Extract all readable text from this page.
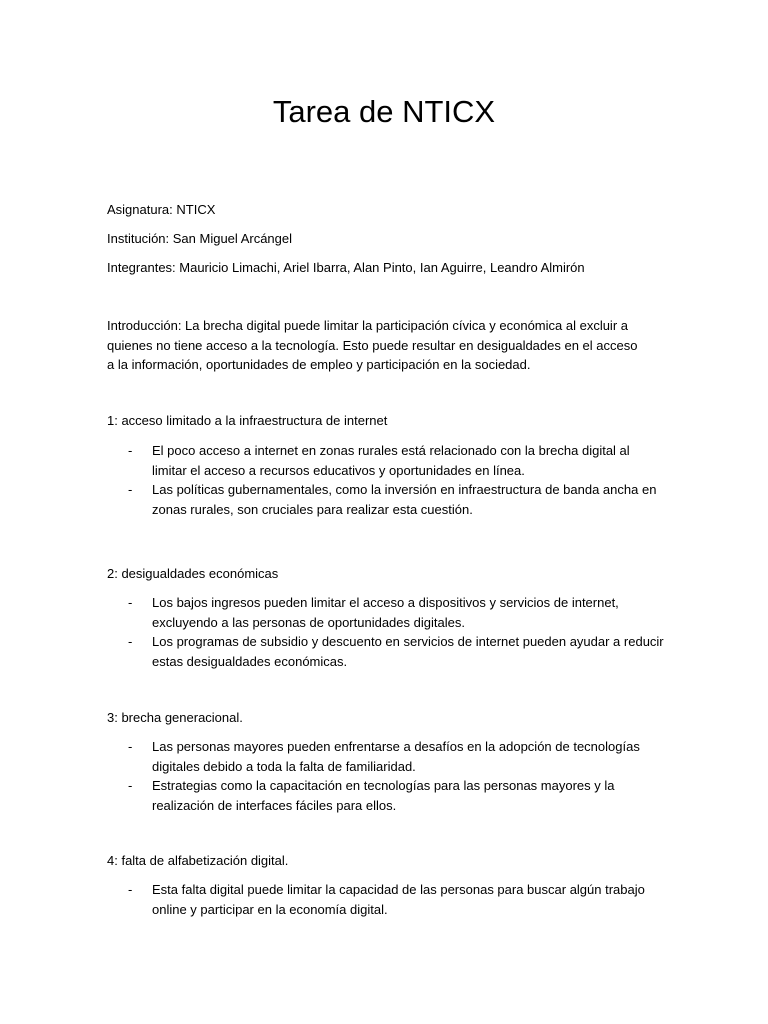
Tarea de NTICX
Asignatura: NTICX
Institución: San Miguel Arcángel
Integrantes: Mauricio Limachi, Ariel Ibarra, Alan Pinto, Ian Aguirre, Leandro Almirón
Introducción: La brecha digital puede limitar la participación cívica y económica al excluir a quienes no tiene acceso a la tecnología. Esto puede resultar en desigualdades en el acceso a la información, oportunidades de empleo y participación en la sociedad.
1: acceso limitado a la infraestructura de internet
- El poco acceso a internet en zonas rurales está relacionado con la brecha digital al limitar el acceso a recursos educativos y oportunidades en línea.
- Las políticas gubernamentales, como la inversión en infraestructura de banda ancha en zonas rurales, son cruciales para realizar esta cuestión.
2: desigualdades económicas
- Los bajos ingresos pueden limitar el acceso a dispositivos y servicios de internet, excluyendo a las personas de oportunidades digitales.
- Los programas de subsidio y descuento en servicios de internet pueden ayudar a reducir estas desigualdades económicas.
3: brecha generacional.
- Las personas mayores pueden enfrentarse a desafíos en la adopción de tecnologías digitales debido a toda la falta de familiaridad.
- Estrategias como la capacitación en tecnologías para las personas mayores y la realización de interfaces fáciles para ellos.
4: falta de alfabetización digital.
- Esta falta digital puede limitar la capacidad de las personas para buscar algún trabajo online y participar en la economía digital.
